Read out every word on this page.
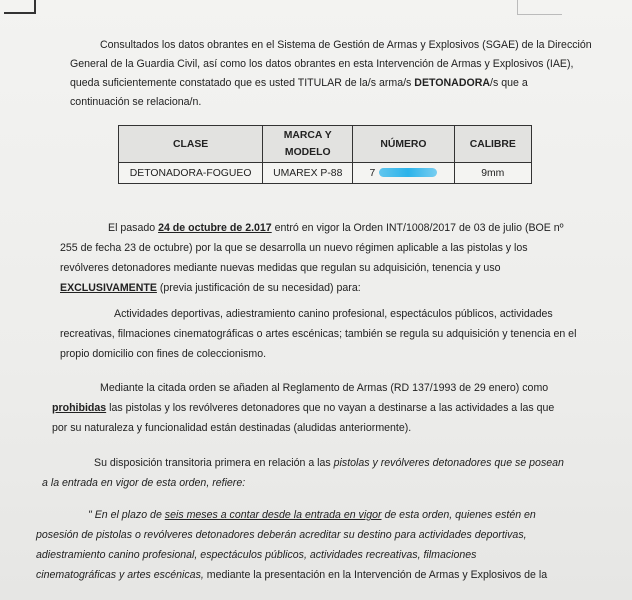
Consultados los datos obrantes en el Sistema de Gestión de Armas y Explosivos (SGAE) de la Dirección

General de la Guardia Civil, así como los datos obrantes en esta Intervención de Armas y Explosivos (IAE),

queda suficientemente constatado que es usted TITULAR de la/s arma/s DETONADORA/s que a

continuación se relaciona/n.

CLASE	MARCA Y MODELO	NÚMERO	CALIBRE
DETONADORA-FOGUEO	UMAREX P-88	7	9mm

El pasado 24 de octubre de 2.017 entró en vigor la Orden INT/1008/2017 de 03 de julio (BOE nº

255 de fecha 23 de octubre) por la que se desarrolla un nuevo régimen aplicable a las pistolas y los

revólveres detonadores mediante nuevas medidas que regulan su adquisición, tenencia y uso

EXCLUSIVAMENTE (previa justificación de su necesidad) para:

Actividades deportivas, adiestramiento canino profesional, espectáculos públicos, actividades

recreativas, filmaciones cinematográficas o artes escénicas; también se regula su adquisición y tenencia en el

propio domicilio con fines de coleccionismo.

Mediante la citada orden se añaden al Reglamento de Armas (RD 137/1993 de 29 enero) como

prohibidas las pistolas y los revólveres detonadores que no vayan a destinarse a las actividades a las que

por su naturaleza y funcionalidad están destinadas (aludidas anteriormente).

Su disposición transitoria primera en relación a las pistolas y revólveres detonadores que se posean

a la entrada en vigor de esta orden, refiere:

" En el plazo de seis meses a contar desde la entrada en vigor de esta orden, quienes estén en

posesión de pistolas o revólveres detonadores deberán acreditar su destino para actividades deportivas,

adiestramiento canino profesional, espectáculos públicos, actividades recreativas, filmaciones

cinematográficas y artes escénicas, mediante la presentación en la Intervención de Armas y Explosivos de la
